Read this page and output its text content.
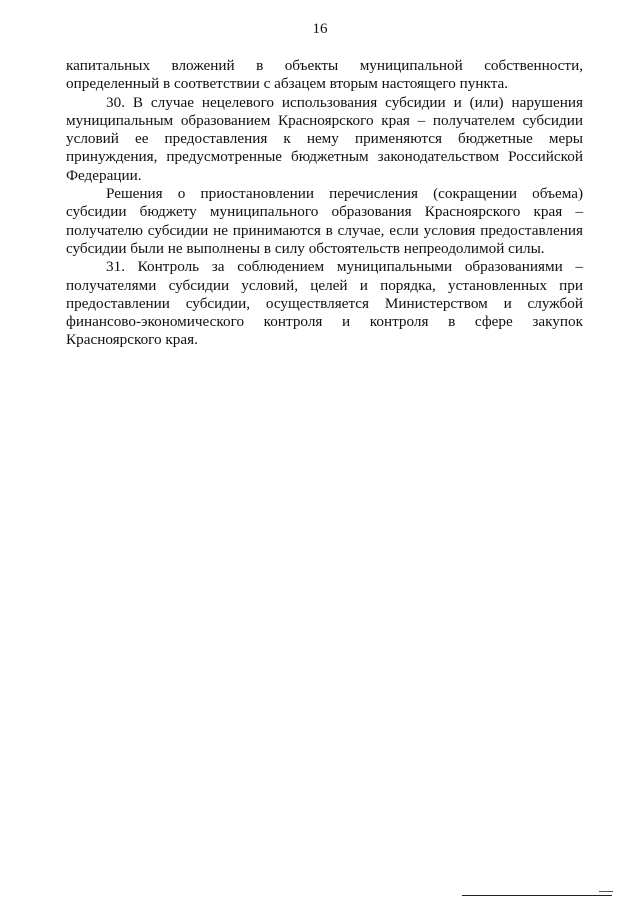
16

капитальных вложений в объекты муниципальной собственности, определенный в соответствии с абзацем вторым настоящего пункта.

30. В случае нецелевого использования субсидии и (или) нарушения муниципальным образованием Красноярского края – получателем субсидии условий ее предоставления к нему применяются бюджетные меры принуждения, предусмотренные бюджетным законодательством Российской Федерации.

Решения о приостановлении перечисления (сокращении объема) субсидии бюджету муниципального образования Красноярского края – получателю субсидии не принимаются в случае, если условия предоставления субсидии были не выполнены в силу обстоятельств непреодолимой силы.

31. Контроль за соблюдением муниципальными образованиями – получателями субсидии условий, целей и порядка, установленных при предоставлении субсидии, осуществляется Министерством и службой финансово-экономического контроля и контроля в сфере закупок Красноярского края.
